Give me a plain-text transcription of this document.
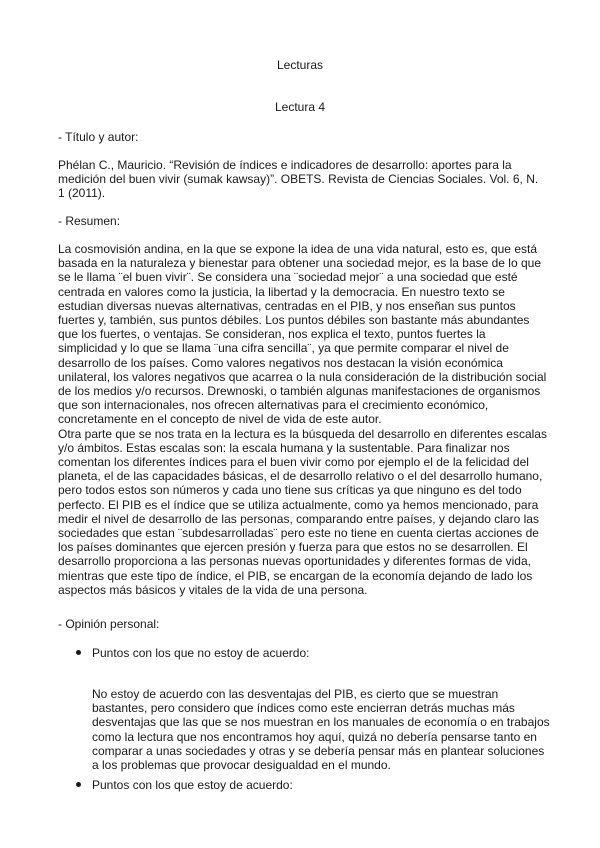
Lecturas
Lectura 4
- Título y autor:

Phélan C., Mauricio. “Revisión de índices e indicadores de desarrollo: aportes para la medición del buen vivir (sumak kawsay)”. OBETS. Revista de Ciencias Sociales. Vol. 6, N. 1 (2011).

- Resumen:

La cosmovisión andina, en la que se expone la idea de una vida natural, esto es, que está basada en la naturaleza y bienestar para obtener una sociedad mejor, es la base de lo que se le llama ¨el buen vivir¨. Se considera una ¨sociedad mejor¨ a una sociedad que esté centrada en valores como la justicia, la libertad y la democracia. En nuestro texto se estudian diversas nuevas alternativas, centradas en el PIB, y nos enseñan sus puntos fuertes y, también, sus puntos débiles. Los puntos débiles son bastante más abundantes que los fuertes, o ventajas. Se consideran, nos explica el texto, puntos fuertes la simplicidad y lo que se llama ¨una cifra sencilla¨, ya que permite comparar el nivel de desarrollo de los países. Como valores negativos nos destacan la visión económica unilateral, los valores negativos que acarrea o la nula consideración de la distribución social de los medios y/o recursos. Drewnoski, o también algunas manifestaciones de organismos que son internacionales, nos ofrecen alternativas para el crecimiento económico, concretamente en el concepto de nivel de vida de este autor.

Otra parte que se nos trata en la lectura es la búsqueda del desarrollo en diferentes escalas y/o ámbitos. Estas escalas son: la escala humana y la sustentable. Para finalizar nos comentan los diferentes índices para el buen vivir como por ejemplo el de la felicidad del planeta, el de las capacidades básicas, el de desarrollo relativo o el del desarrollo humano, pero todos estos son números y cada uno tiene sus críticas ya que ninguno es del todo perfecto. El PIB es el índice que se utiliza actualmente, como ya hemos mencionado, para medir el nivel de desarrollo de las personas, comparando entre países, y dejando claro las sociedades que estan ¨subdesarrolladas¨ pero este no tiene en cuenta ciertas acciones de los países dominantes que ejercen presión y fuerza para que estos no se desarrollen. El desarrollo proporciona a las personas nuevas oportunidades y diferentes formas de vida, mientras que este tipo de índice, el PIB, se encargan de la economía dejando de lado los aspectos más básicos y vitales de la vida de una persona.

- Opinión personal:
Puntos con los que no estoy de acuerdo:

No estoy de acuerdo con las desventajas del PIB, es cierto que se muestran bastantes, pero considero que índices como este encierran detrás muchas más desventajas que las que se nos muestran en los manuales de economía o en trabajos como la lectura que nos encontramos hoy aquí, quizá no debería pensarse tanto en comparar a unas sociedades y otras y se debería pensar más en plantear soluciones a los problemas que provocar desigualdad en el mundo.

Puntos con los que estoy de acuerdo:
